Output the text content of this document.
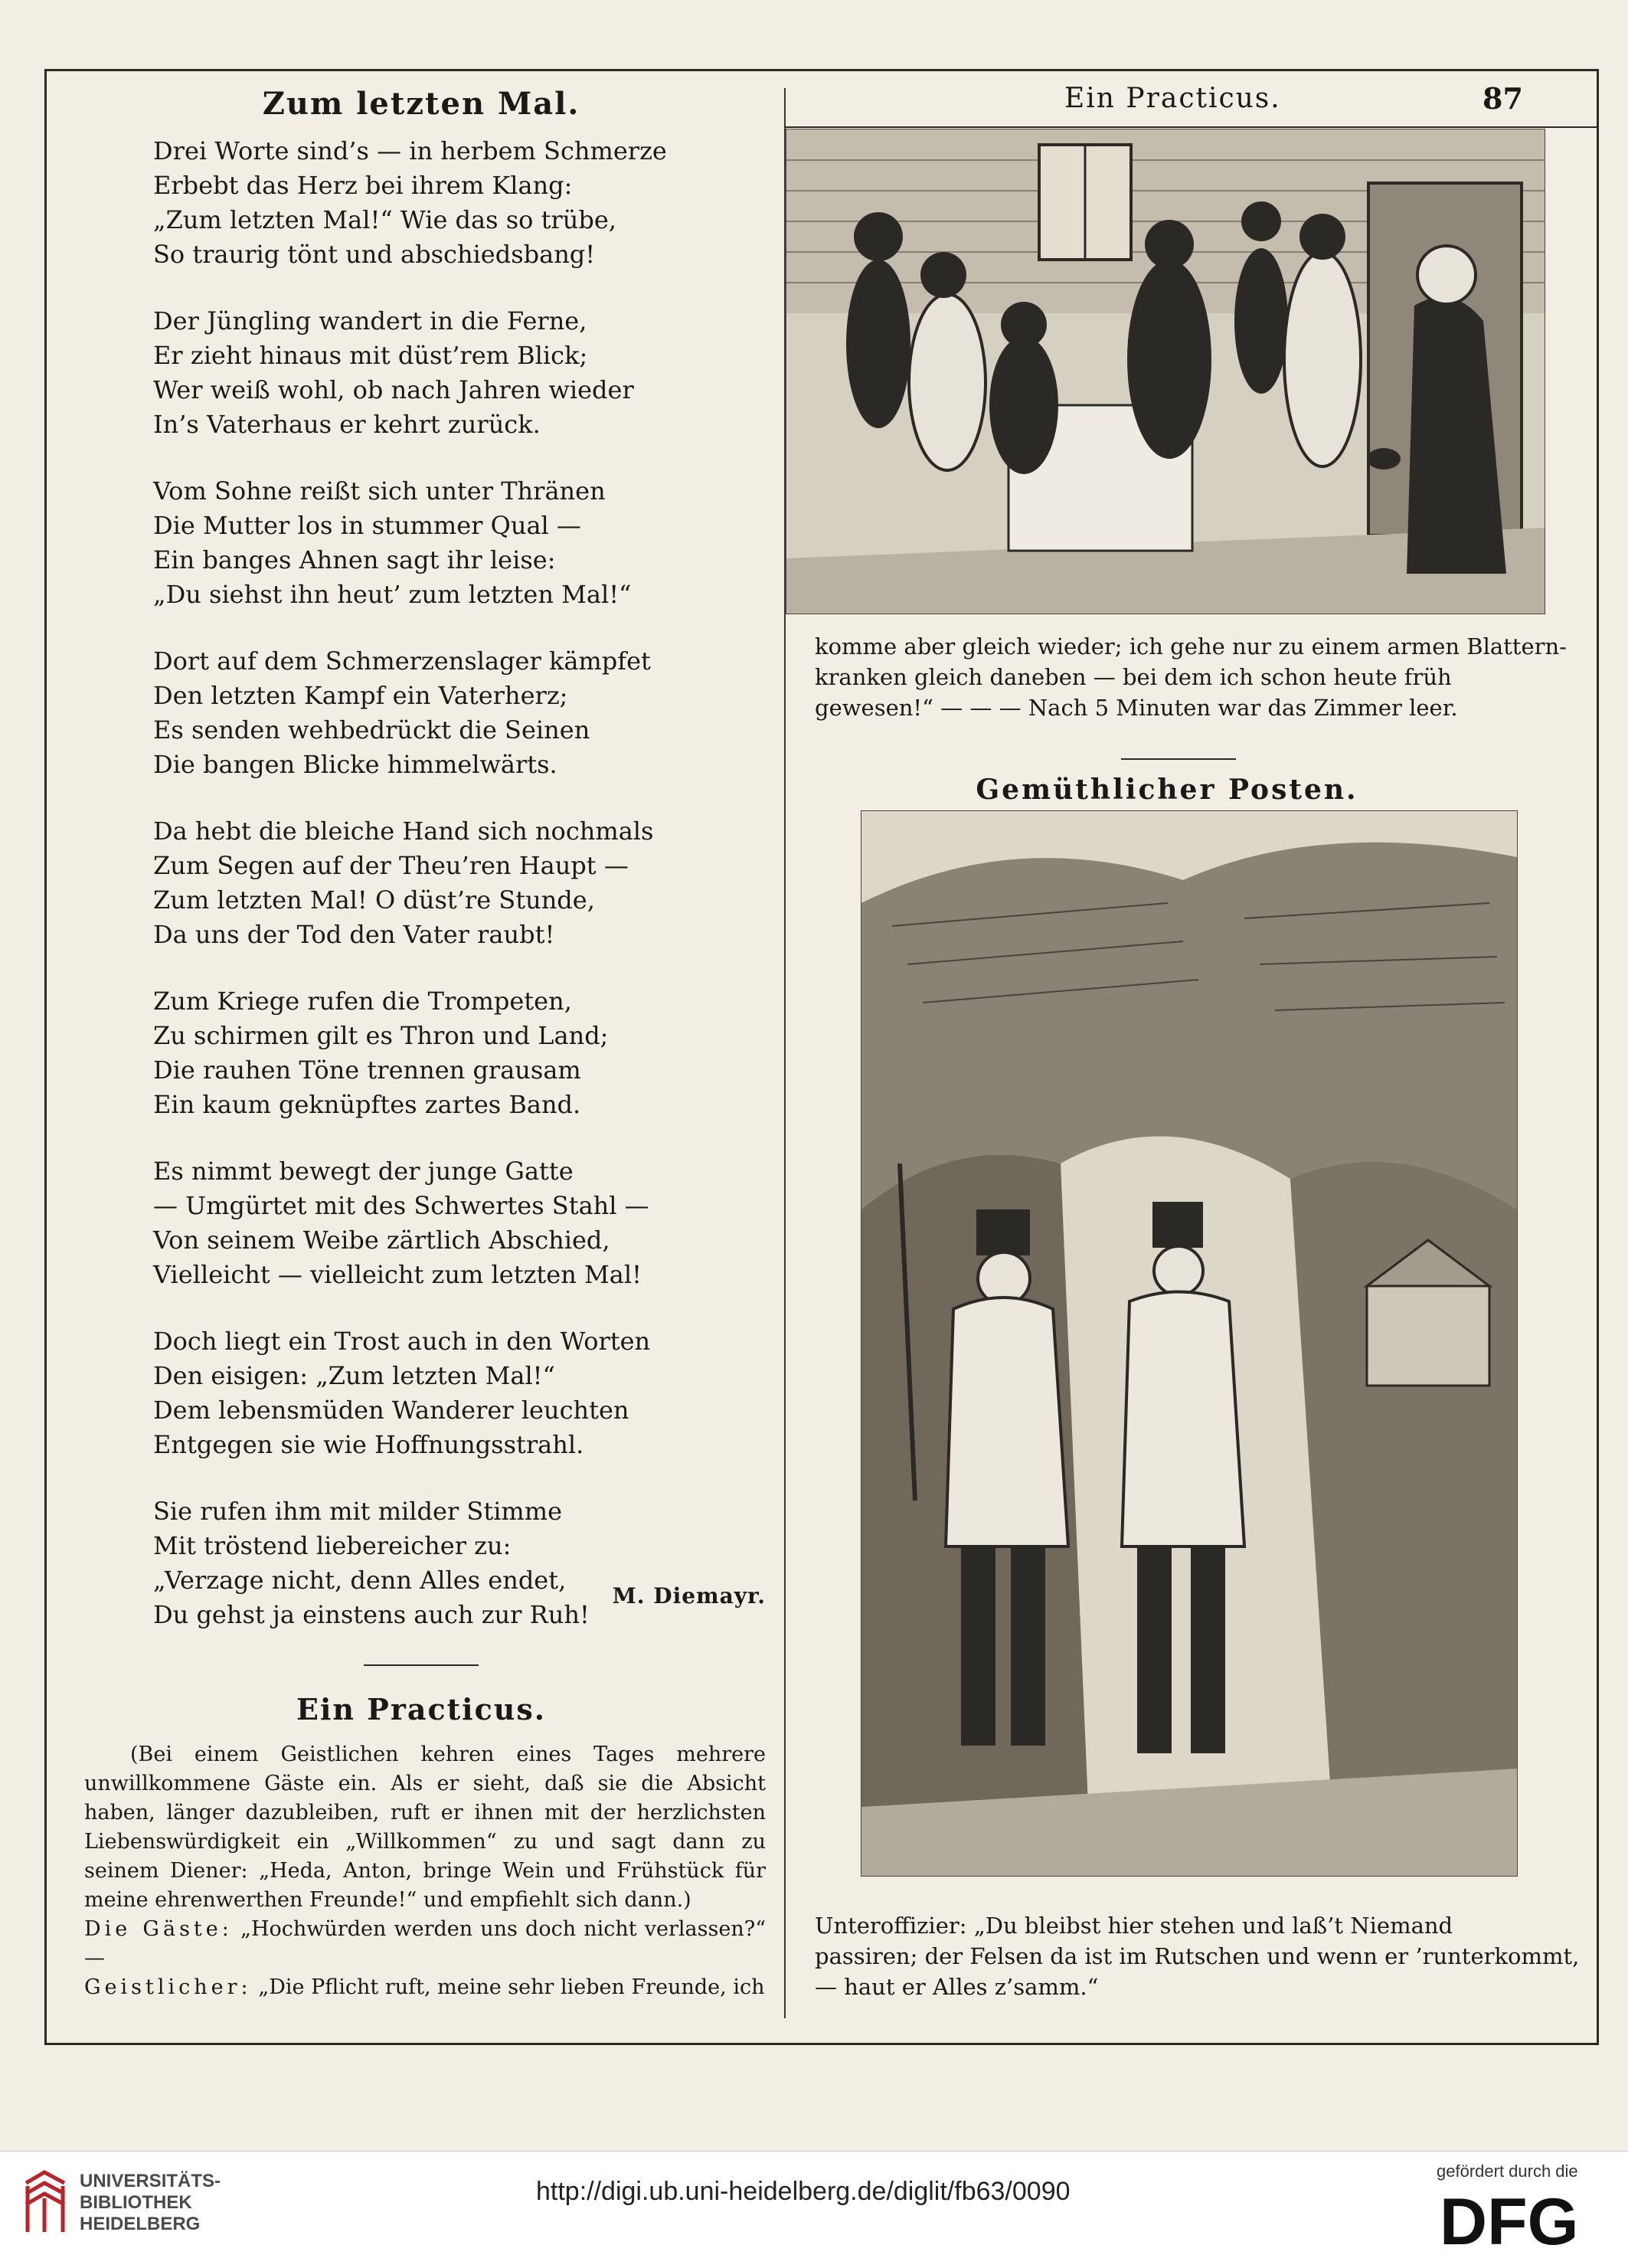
Zum letzten Mal.
Drei Worte sind’s — in herbem Schmerze
Erbebt das Herz bei ihrem Klang:
„Zum letzten Mal!“ Wie das so trübe,
So traurig tönt und abschiedsbang!
Der Jüngling wandert in die Ferne,
Er zieht hinaus mit düst’rem Blick;
Wer weiß wohl, ob nach Jahren wieder
In’s Vaterhaus er kehrt zurück.
Vom Sohne reißt sich unter Thränen
Die Mutter los in stummer Qual —
Ein banges Ahnen sagt ihr leise:
„Du siehst ihn heut’ zum letzten Mal!“
Dort auf dem Schmerzenslager kämpfet
Den letzten Kampf ein Vaterherz;
Es senden wehbedrückt die Seinen
Die bangen Blicke himmelwärts.
Da hebt die bleiche Hand sich nochmals
Zum Segen auf der Theu’ren Haupt —
Zum letzten Mal! O düst’re Stunde,
Da uns der Tod den Vater raubt!
Zum Kriege rufen die Trompeten,
Zu schirmen gilt es Thron und Land;
Die rauhen Töne trennen grausam
Ein kaum geknüpftes zartes Band.
Es nimmt bewegt der junge Gatte
— Umgürtet mit des Schwertes Stahl —
Von seinem Weibe zärtlich Abschied,
Vielleicht — vielleicht zum letzten Mal!
Doch liegt ein Trost auch in den Worten
Den eisigen: „Zum letzten Mal!“
Dem lebensmüden Wanderer leuchten
Entgegen sie wie Hoffnungsstrahl.
Sie rufen ihm mit milder Stimme
Mit tröstend liebereicher zu:
„Verzage nicht, denn Alles endet,
Du gehst ja einstens auch zur Ruh!
M. Diemayr.
Ein Practicus.
(Bei einem Geistlichen kehren eines Tages mehrere unwillkommene Gäste ein. Als er sieht, daß sie die Absicht haben, länger dazubleiben, ruft er ihnen mit der herzlichsten Liebenswürdigkeit ein „Willkommen“ zu und sagt dann zu seinem Diener: „Heda, Anton, bringe Wein und Frühstück für meine ehrenwerthen Freunde!“ und empfiehlt sich dann.)
Die Gäste: „Hochwürden werden uns doch nicht verlassen?“ —
Geistlicher: „Die Pflicht ruft, meine sehr lieben Freunde, ich
Ein Practicus.	87
komme aber gleich wieder; ich gehe nur zu einem armen Blattern-
kranken gleich daneben — bei dem ich schon heute früh
gewesen!“ — — — Nach 5 Minuten war das Zimmer leer.
Gemüthlicher Posten.
Unteroffizier: „Du bleibst hier stehen und laß’t Niemand
passiren; der Felsen da ist im Rutschen und wenn er ’runterkommt,
— haut er Alles z’samm.“
UNIVERSITÄTS-
BIBLIOTHEK
HEIDELBERG
http://digi.ub.uni-heidelberg.de/diglit/fb63/0090
gefördert durch die
DFG
